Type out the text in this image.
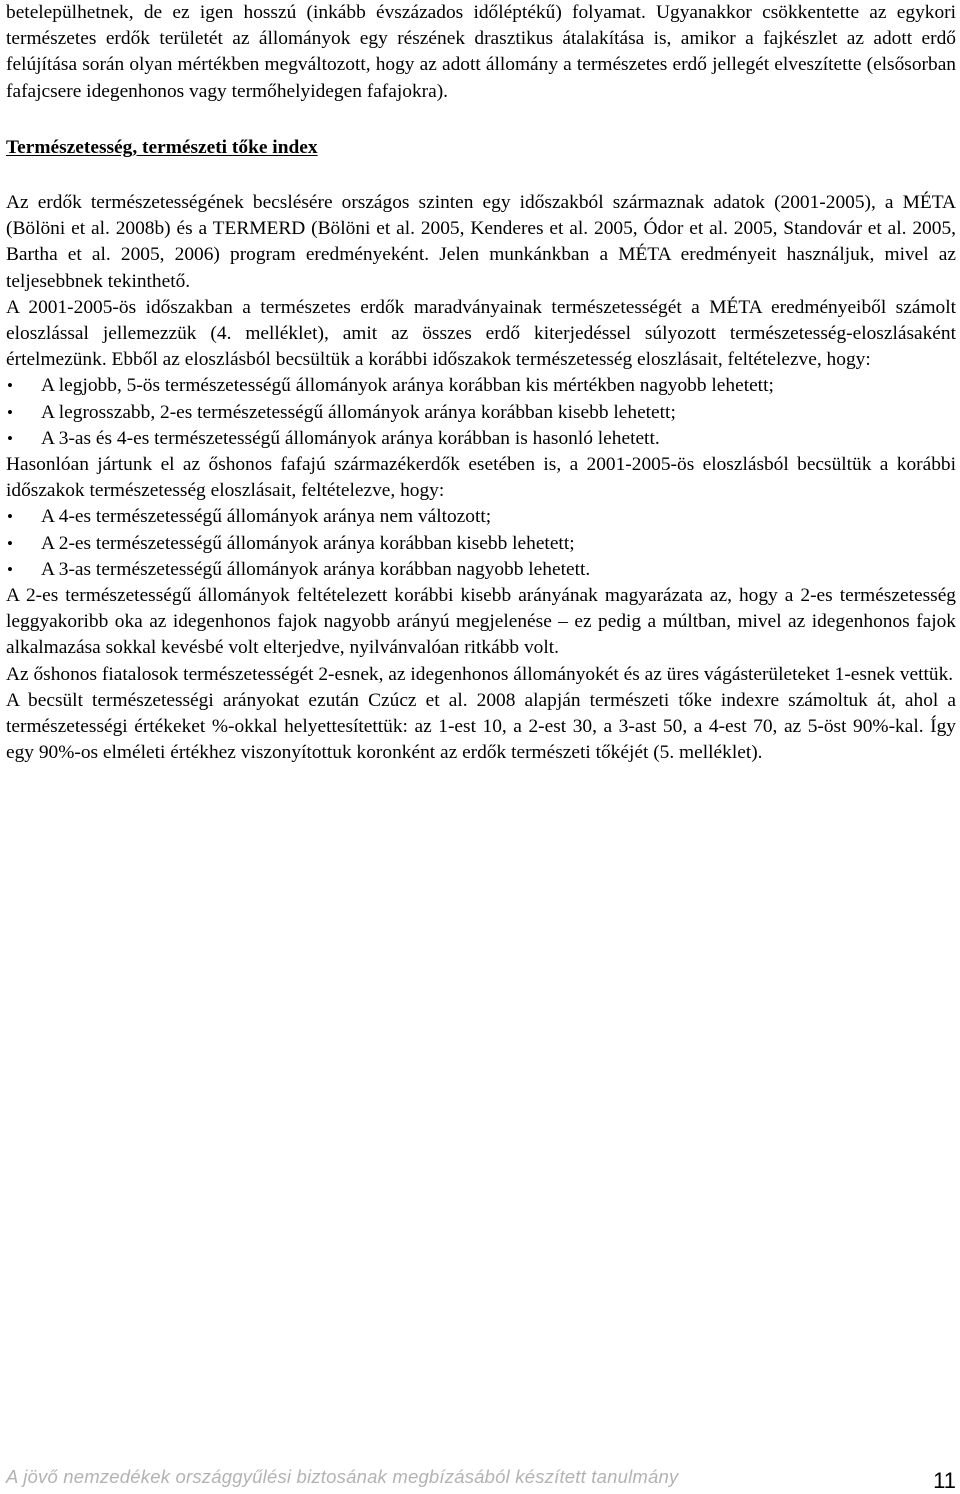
betelepülhetnek, de ez igen hosszú (inkább évszázados időléptékű) folyamat. Ugyanakkor csökkentette az egykori természetes erdők területét az állományok egy részének drasztikus átalakítása is, amikor a fajkészlet az adott erdő felújítása során olyan mértékben megváltozott, hogy az adott állomány a természetes erdő jellegét elveszítette (elsősorban fafajcsere idegenhonos vagy termőhelyidegen fafajokra).

Természetesség, természeti tőke index

Az erdők természetességének becslésére országos szinten egy időszakból származnak adatok (2001-2005), a MÉTA (Bölöni et al. 2008b) és a TERMERD (Bölöni et al. 2005, Kenderes et al. 2005, Ódor et al. 2005, Standovár et al. 2005, Bartha et al. 2005, 2006) program eredményeként. Jelen munkánkban a MÉTA eredményeit használjuk, mivel az teljesebbnek tekinthető.

A 2001-2005-ös időszakban a természetes erdők maradványainak természetességét a MÉTA eredményeiből számolt eloszlással jellemezzük (4. melléklet), amit az összes erdő kiterjedéssel súlyozott természetesség-eloszlásaként értelmezünk. Ebből az eloszlásból becsültük a korábbi időszakok természetesség eloszlásait, feltételezve, hogy:

• A legjobb, 5-ös természetességű állományok aránya korábban kis mértékben nagyobb lehetett;
• A legrosszabb, 2-es természetességű állományok aránya korábban kisebb lehetett;
• A 3-as és 4-es természetességű állományok aránya korábban is hasonló lehetett.

Hasonlóan jártunk el az őshonos fafajú származékerdők esetében is, a 2001-2005-ös eloszlásból becsültük a korábbi időszakok természetesség eloszlásait, feltételezve, hogy:

• A 4-es természetességű állományok aránya nem változott;
• A 2-es természetességű állományok aránya korábban kisebb lehetett;
• A 3-as természetességű állományok aránya korábban nagyobb lehetett.

A 2-es természetességű állományok feltételezett korábbi kisebb arányának magyarázata az, hogy a 2-es természetesség leggyakoribb oka az idegenhonos fajok nagyobb arányú megjelenése – ez pedig a múltban, mivel az idegenhonos fajok alkalmazása sokkal kevésbé volt elterjedve, nyilvánvalóan ritkább volt.

Az őshonos fiatalosok természetességét 2-esnek, az idegenhonos állományokét és az üres vágásterületeket 1-esnek vettük.

A becsült természetességi arányokat ezután Czúcz et al. 2008 alapján természeti tőke indexre számoltuk át, ahol a természetességi értékeket %-okkal helyettesítettük: az 1-est 10, a 2-est 30, a 3-ast 50, a 4-est 70, az 5-öst 90%-kal. Így egy 90%-os elméleti értékhez viszonyítottuk koronként az erdők természeti tőkéjét (5. melléklet).

A jövő nemzedékek országgyűlési biztosának megbízásából készített tanulmány	11
